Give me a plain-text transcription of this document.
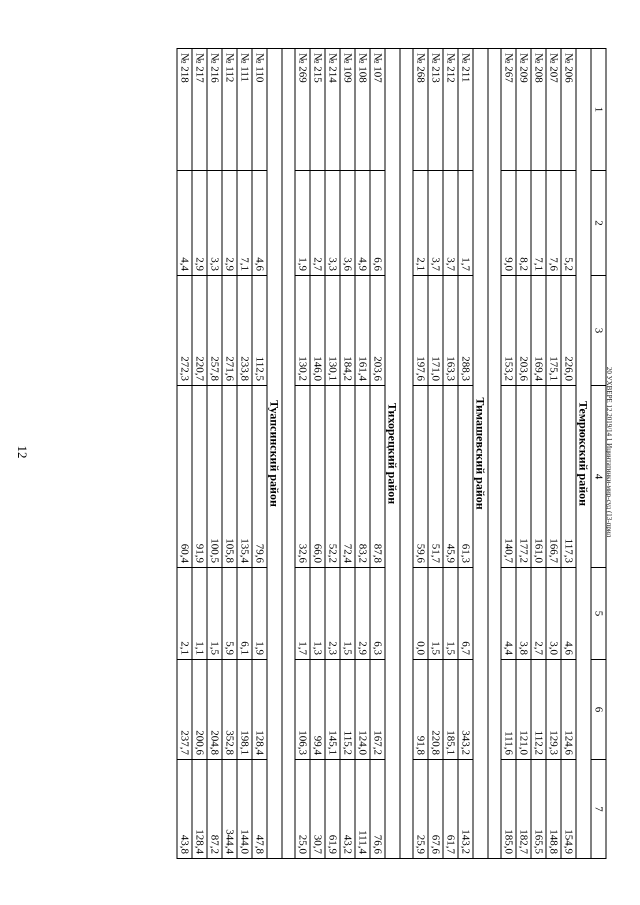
12
1	2	3	4	5	6	7
Темрюкский район						
№ 206	5,2	226,0	117,3	4,6	124,6	154,9
№ 207	7,6	175,1	166,7	3,0	129,3	148,8
№ 208	7,1	169,4	161,0	2,7	112,2	165,5
№ 209	8,2	203,6	177,2	3,8	121,0	182,7
№ 267	9,0	153,2	140,7	4,4	111,6	185,0

Тимашевский район						
№ 211	1,7	288,3	61,3	6,7	343,2	143,2
№ 212	3,7	163,3	45,9	1,5	185,1	61,7
№ 213	3,7	171,0	51,7	1,5	220,8	67,6
№ 268	2,1	197,6	59,6	0,0	91,8	25,9

Тихорецкий район						
№ 107	6,6	203,6	87,8	6,3	167,2	76,6
№ 108	4,9	161,4	83,2	2,9	124,0	111,4
№ 109	3,6	184,2	72,4	1,5	115,2	43,2
№ 214	3,3	130,1	52,2	2,3	145,1	61,9
№ 215	2,7	146,0	66,0	1,3	99,4	30,7
№ 269	1,9	130,2	32,6	1,7	106,3	25,0

Туапсинский район						
№ 110	4,6	112,5	79,6	1,9	128,4	47,8
№ 111	7,1	233,8	135,4	6,1	198,1	144,0
№ 112	2,9	271,6	105,8	5,9	352,8	344,4
№ 216	3,3	257,8	100,5	1,5	204,8	87,2
№ 217	2,9	220,7	91,9	1,1	200,6	128,4
№ 218	4,4	272,3	60,4	2,1	237,7	43,8
20 УХВЕРЕ 12.2019/14 1 Ицинтатинки-мир-суд (13-прил
